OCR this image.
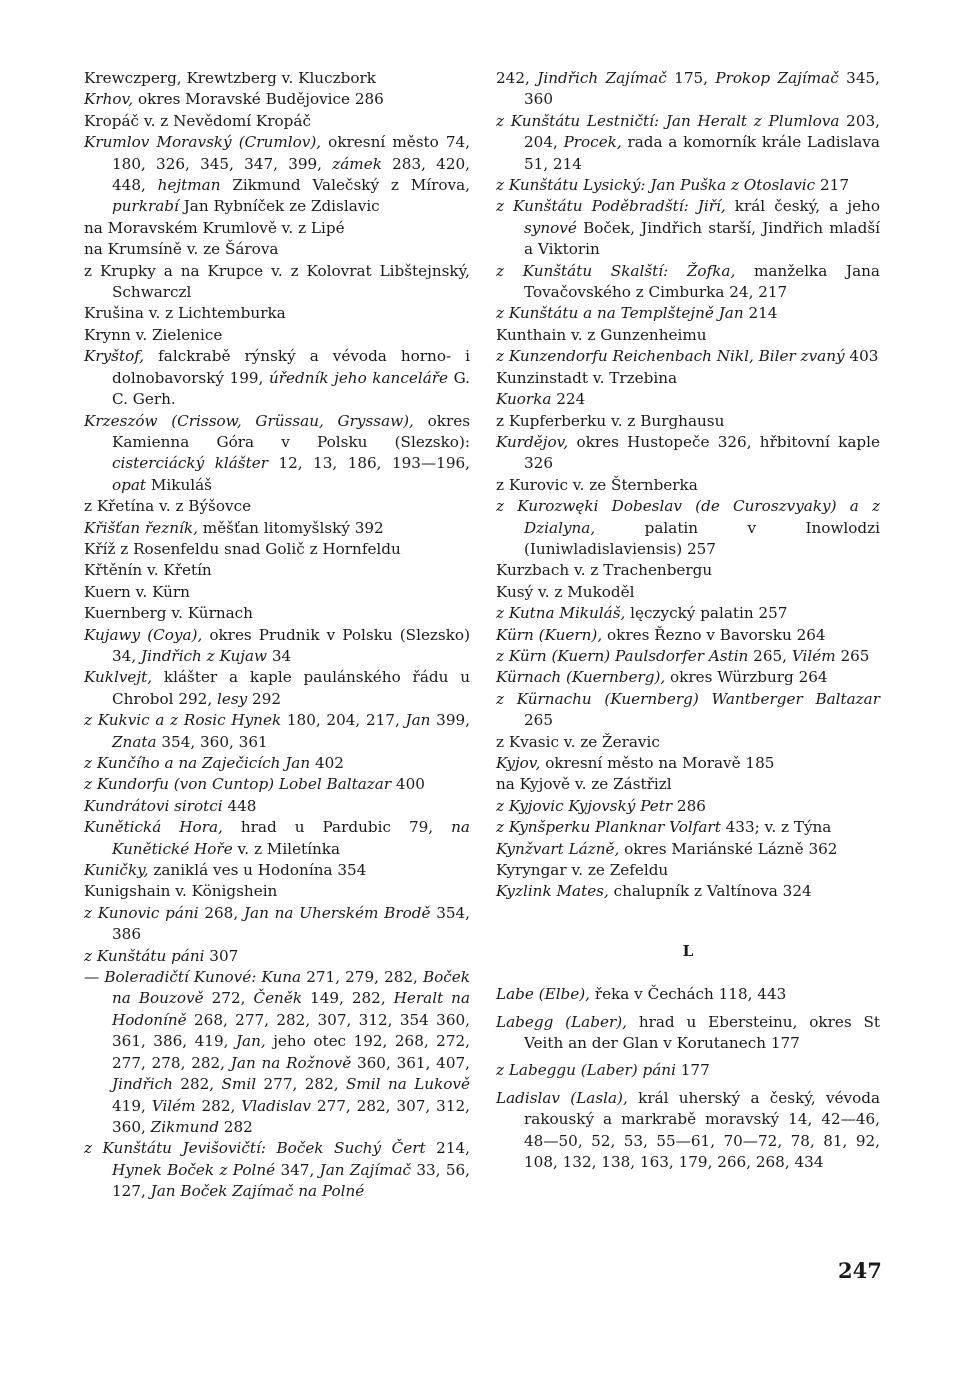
Krewczperg, Krewtzberg v. Kluczbork

Krhov, okres Moravské Budějovice 286

Kropáč v. z Nevědomí Kropáč

Krumlov Moravský (Crumlov), okresní město 74, 180, 326, 345, 347, 399, zámek 283, 420, 448, hejtman Zikmund Valečský z Mírova, purkrabí Jan Rybníček ze Zdislavic

na Moravském Krumlově v. z Lipé

na Krumsíně v. ze Šárova

z Krupky a na Krupce v. z Kolovrat Libštejnský, Schwarczl

Krušina v. z Lichtemburka

Krynn v. Zielenice

Kryštof, falckrabě rýnský a vévoda horno- i dolnobavorský 199, úředník jeho kanceláře G. C. Gerh.

Krzeszów (Crissow, Grüssau, Gryssaw), okres Kamienna Góra v Polsku (Slezsko): cisterciácký klášter 12, 13, 186, 193—196, opat Mikuláš

z Křetína v. z Býšovce

Křišťan řezník, měšťan litomyšlský 392

Kříž z Rosenfeldu snad Golič z Hornfeldu

Křtěnín v. Křetín

Kuern v. Kürn

Kuernberg v. Kürnach

Kujawy (Coya), okres Prudnik v Polsku (Slezsko) 34, Jindřich z Kujaw 34

Kuklvejt, klášter a kaple paulánského řádu u Chrobol 292, lesy 292

z Kukvic a z Rosic Hynek 180, 204, 217, Jan 399, Znata 354, 360, 361

z Kunčího a na Zaječicích Jan 402

z Kundorfu (von Cuntop) Lobel Baltazar 400

Kundrátovi sirotci 448

Kunětická Hora, hrad u Pardubic 79, na Kunětické Hoře v. z Miletínka

Kuničky, zaniklá ves u Hodonína 354

Kunigshain v. Königshein

z Kunovic páni 268, Jan na Uherském Brodě 354, 386

z Kunštátu páni 307

— Boleradičtí Kunové: Kuna 271, 279, 282, Boček na Bouzově 272, Čeněk 149, 282, Heralt na Hodoníně 268, 277, 282, 307, 312, 354 360, 361, 386, 419, Jan, jeho otec 192, 268, 272, 277, 278, 282, Jan na Rožnově 360, 361, 407, Jindřich 282, Smil 277, 282, Smil na Lukově 419, Vilém 282, Vladislav 277, 282, 307, 312, 360, Zikmund 282

z Kunštátu Jevišovičtí: Boček Suchý Čert 214, Hynek Boček z Polné 347, Jan Zajímač 33, 56, 127, Jan Boček Zajímač na Polné

242, Jindřich Zajímač 175, Prokop Zajímač 345, 360

z Kunštátu Lestničtí: Jan Heralt z Plumlova 203, 204, Procek, rada a komorník krále Ladislava 51, 214

z Kunštátu Lysický: Jan Puška z Otoslavic 217

z Kunštátu Poděbradští: Jiří, král český, a jeho synové Boček, Jindřich starší, Jindřich mladší a Viktorin

z Kunštátu Skalští: Žofka, manželka Jana Tovačovského z Cimburka 24, 217

z Kunštátu a na Templštejně Jan 214

Kunthain v. z Gunzenheimu

z Kunzendorfu Reichenbach Nikl, Biler zvaný 403

Kunzinstadt v. Trzebina

Kuorka 224

z Kupferberku v. z Burghausu

Kurdějov, okres Hustopeče 326, hřbitovní kaple 326

z Kurovic v. ze Šternberka

z Kurozwęki Dobeslav (de Curoszvyaky) a z Dzialyna, palatin v Inowlodzi (Iuniwladislaviensis) 257

Kurzbach v. z Trachenbergu

Kusý v. z Mukoděl

z Kutna Mikuláš, lęczycký palatin 257

Kürn (Kuern), okres Řezno v Bavorsku 264

z Kürn (Kuern) Paulsdorfer Astin 265, Vilém 265

Kürnach (Kuernberg), okres Würzburg 264

z Kürnachu (Kuernberg) Wantberger Baltazar 265

z Kvasic v. ze Žeravic

Kyjov, okresní město na Moravě 185

na Kyjově v. ze Zástřizl

z Kyjovic Kyjovský Petr 286

z Kynšperku Planknar Volfart 433; v. z Týna

Kynžvart Lázně, okres Mariánské Lázně 362

Kyryngar v. ze Zefeldu

Kyzlink Mates, chalupník z Valtínova 324

L

Labe (Elbe), řeka v Čechách 118, 443

Labegg (Laber), hrad u Ebersteinu, okres St Veith an der Glan v Korutanech 177

z Labeggu (Laber) páni 177

Ladislav (Lasla), král uherský a český, vévoda rakouský a markrabě moravský 14, 42—46, 48—50, 52, 53, 55—61, 70—72, 78, 81, 92, 108, 132, 138, 163, 179, 266, 268, 434

247
